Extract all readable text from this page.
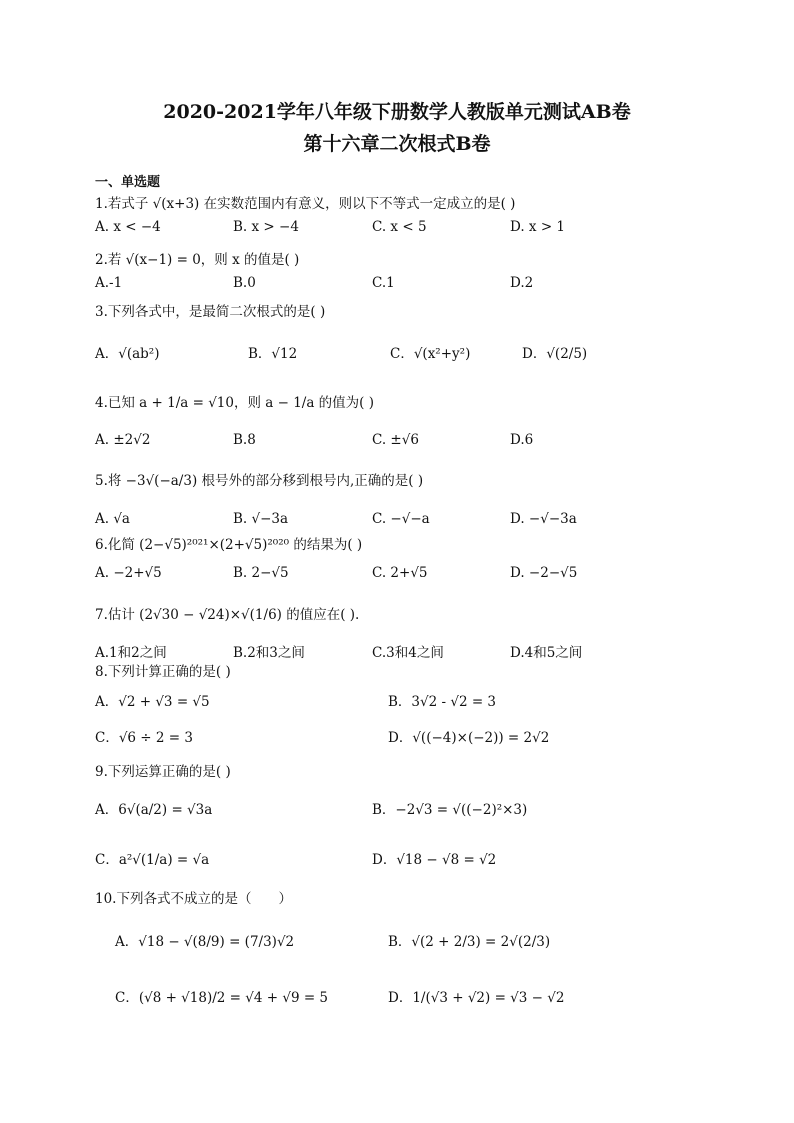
2020-2021学年八年级下册数学人教版单元测试AB卷
第十六章二次根式B卷
一、单选题
1.若式子 √(x+3) 在实数范围内有意义，则以下不等式一定成立的是( )
A. x < −4	B. x > −4	C. x < 5	D. x > 1
2.若 √(x−1) = 0，则 x 的值是( )
A.-1	B.0	C.1	D.2
3.下列各式中，是最简二次根式的是( )
A．√(ab²)	B．√12	C．√(x²+y²)	D．√(2/5)
4.已知 a + 1/a = √10，则 a − 1/a 的值为( )
A. ±2√2	B.8	C. ±√6	D.6
5.将 −3√(−a/3) 根号外的部分移到根号内,正确的是( )
A. √a	B. √−3a	C. −√−a	D. −√−3a
6.化简 (2−√5)²⁰²¹×(2+√5)²⁰²⁰ 的结果为( )
A. −2+√5	B. 2−√5	C. 2+√5	D. −2−√5
7.估计 (2√30 − √24)×√(1/6) 的值应在( ).
A.1和2之间	B.2和3之间	C.3和4之间	D.4和5之间
8.下列计算正确的是( )
A．√2 + √3 = √5	B．3√2 - √2 = 3
C．√6 ÷ 2 = 3	D．√((−4)×(−2)) = 2√2
9.下列运算正确的是( )
A．6√(a/2) = √3a	B．−2√3 = √((−2)²×3)
C．a²√(1/a) = √a	D．√18 − √8 = √2
10.下列各式不成立的是（　　）
A．√18 − √(8/9) = (7/3)√2	B．√(2 + 2/3) = 2√(2/3)
C．(√8 + √18)/2 = √4 + √9 = 5	D．1/(√3 + √2) = √3 − √2
